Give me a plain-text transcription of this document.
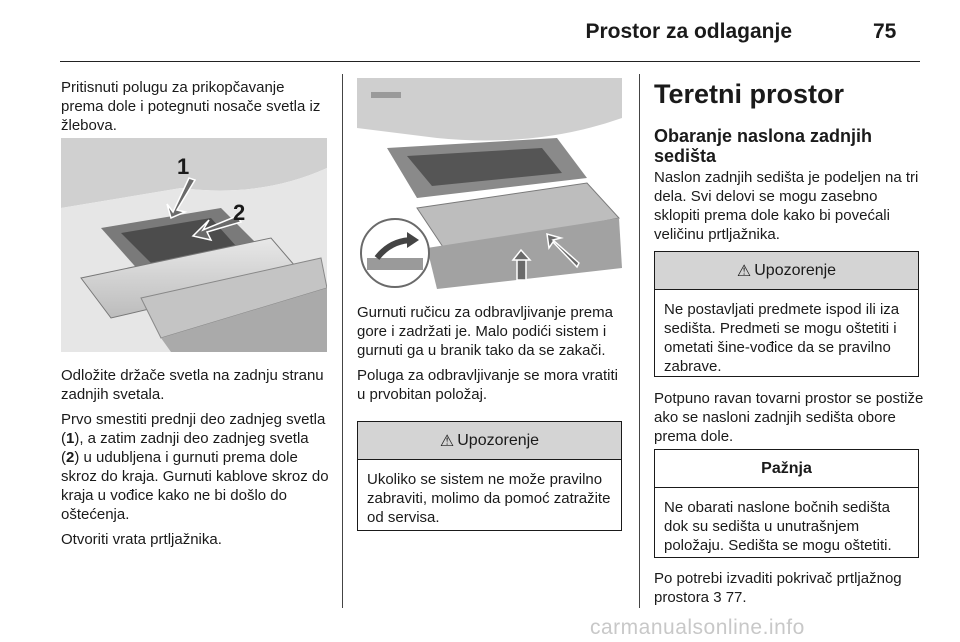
Prostor za odlaganje	75

Pritisnuti polugu za prikopčavanje prema dole i potegnuti nosače svetla iz žlebova.

1
2

Odložite držače svetla na zadnju stranu zadnjih svetala.

Prvo smestiti prednji deo zadnjeg svetla (1), a zatim zadnji deo zadnjeg svetla (2) u udubljena i gurnuti prema dole skroz do kraja. Gurnuti kablove skroz do kraja u vođice kako ne bi došlo do oštećenja.

Otvoriti vrata prtljažnika.

Gurnuti ručicu za odbravljivanje prema gore i zadržati je. Malo podići sistem i gurnuti ga u branik tako da se zakači.

Poluga za odbravljivanje se mora vratiti u prvobitan položaj.

⚠ Upozorenje
Ukoliko se sistem ne može pravilno zabraviti, molimo da pomoć zatražite od servisa.
Teretni prostor
Obaranje naslona zadnjih sedišta

Naslon zadnjih sedišta je podeljen na tri dela. Svi delovi se mogu zasebno sklopiti prema dole kako bi povećali veličinu prtljažnika.

⚠ Upozorenje
Ne postavljati predmete ispod ili iza sedišta. Predmeti se mogu oštetiti i ometati šine-vođice da se pravilno zabrave.

Potpuno ravan tovarni prostor se postiže ako se nasloni zadnjih sedišta obore prema dole.

Pažnja
Ne obarati naslone bočnih sedišta dok su sedišta u unutrašnjem položaju. Sedišta se mogu oštetiti.

Po potrebi izvaditi pokrivač prtljažnog prostora 3 77.

carmanualsonline.info
